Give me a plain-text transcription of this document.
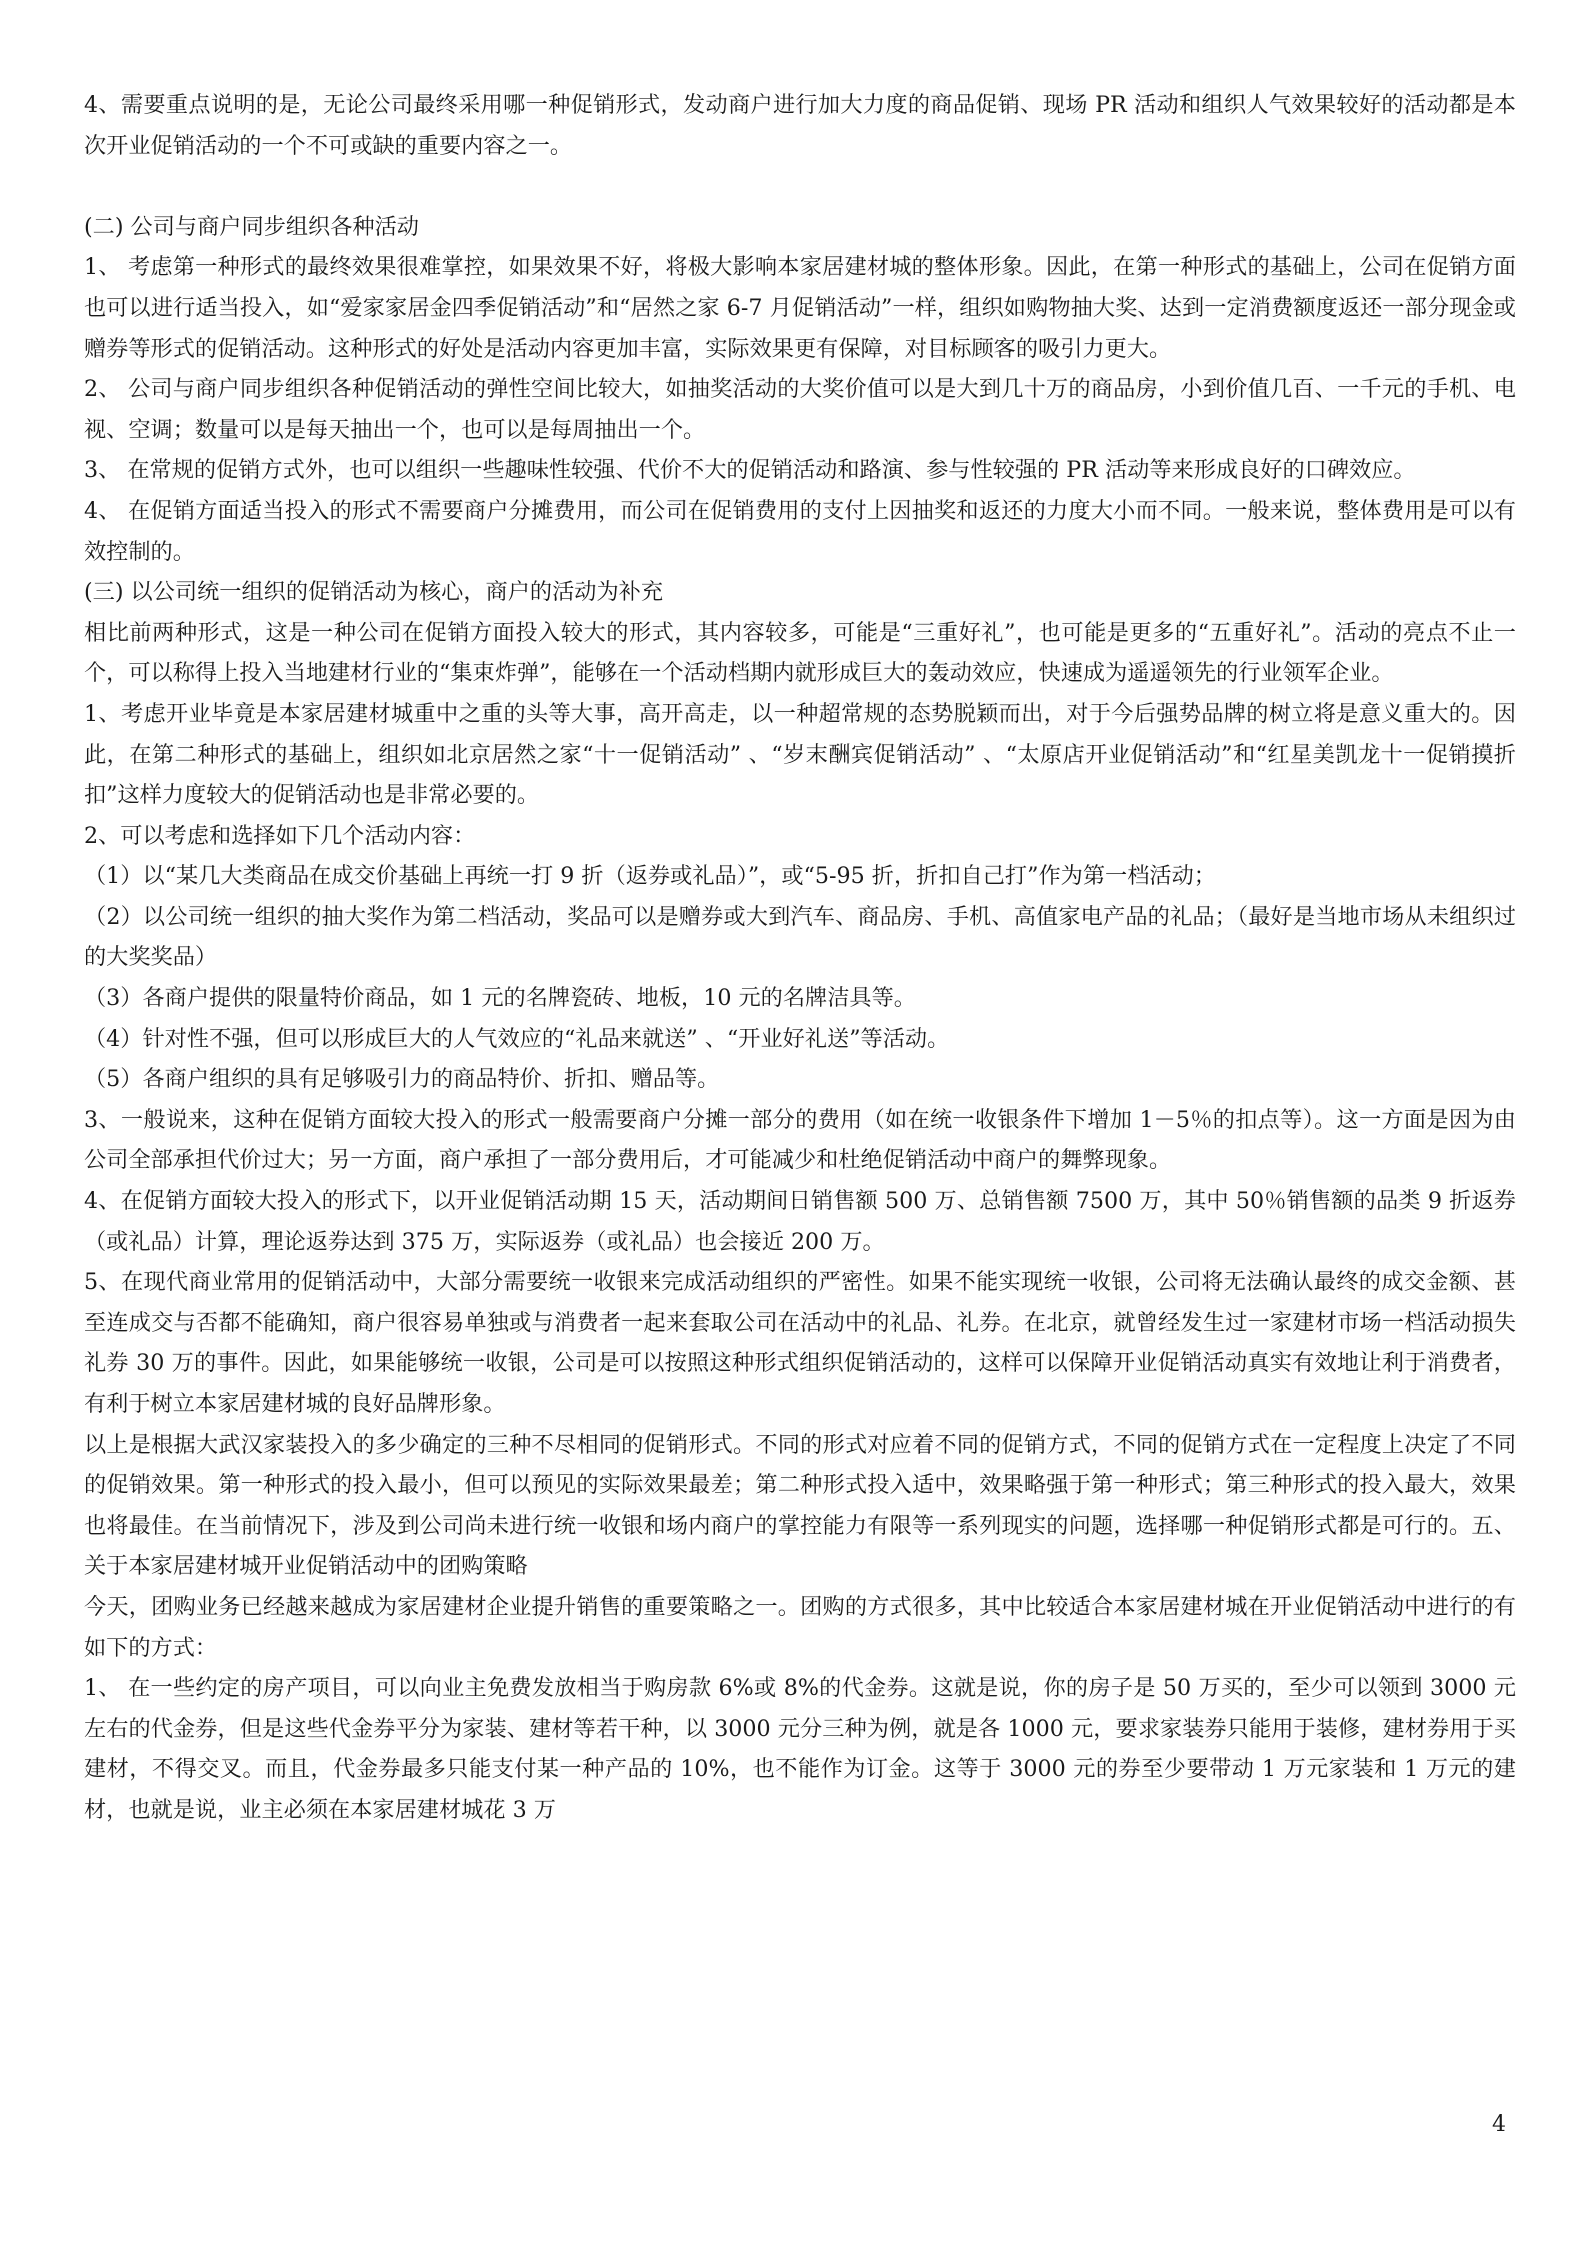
4、需要重点说明的是，无论公司最终采用哪一种促销形式，发动商户进行加大力度的商品促销、现场 PR 活动和组织人气效果较好的活动都是本次开业促销活动的一个不可或缺的重要内容之一。

(二) 公司与商户同步组织各种活动

1、 考虑第一种形式的最终效果很难掌控，如果效果不好，将极大影响本家居建材城的整体形象。因此，在第一种形式的基础上，公司在促销方面也可以进行适当投入，如“爱家家居金四季促销活动”和“居然之家 6-7 月促销活动”一样，组织如购物抽大奖、达到一定消费额度返还一部分现金或赠券等形式的促销活动。这种形式的好处是活动内容更加丰富，实际效果更有保障，对目标顾客的吸引力更大。

2、 公司与商户同步组织各种促销活动的弹性空间比较大，如抽奖活动的大奖价值可以是大到几十万的商品房，小到价值几百、一千元的手机、电视、空调；数量可以是每天抽出一个，也可以是每周抽出一个。

3、 在常规的促销方式外，也可以组织一些趣味性较强、代价不大的促销活动和路演、参与性较强的 PR 活动等来形成良好的口碑效应。

4、 在促销方面适当投入的形式不需要商户分摊费用，而公司在促销费用的支付上因抽奖和返还的力度大小而不同。一般来说，整体费用是可以有效控制的。

(三) 以公司统一组织的促销活动为核心，商户的活动为补充

相比前两种形式，这是一种公司在促销方面投入较大的形式，其内容较多，可能是“三重好礼”，也可能是更多的“五重好礼”。活动的亮点不止一个，可以称得上投入当地建材行业的“集束炸弹”，能够在一个活动档期内就形成巨大的轰动效应，快速成为遥遥领先的行业领军企业。

1、考虑开业毕竟是本家居建材城重中之重的头等大事，高开高走，以一种超常规的态势脱颖而出，对于今后强势品牌的树立将是意义重大的。因此，在第二种形式的基础上，组织如北京居然之家“十一促销活动” 、“岁末酬宾促销活动” 、“太原店开业促销活动”和“红星美凯龙十一促销摸折扣”这样力度较大的促销活动也是非常必要的。

2、可以考虑和选择如下几个活动内容：

（1）以“某几大类商品在成交价基础上再统一打 9 折（返券或礼品）”，或“5-95 折，折扣自己打”作为第一档活动；

（2）以公司统一组织的抽大奖作为第二档活动，奖品可以是赠券或大到汽车、商品房、手机、高值家电产品的礼品；（最好是当地市场从未组织过的大奖奖品）

（3）各商户提供的限量特价商品，如 1 元的名牌瓷砖、地板，10 元的名牌洁具等。

（4）针对性不强，但可以形成巨大的人气效应的“礼品来就送” 、“开业好礼送”等活动。

（5）各商户组织的具有足够吸引力的商品特价、折扣、赠品等。

3、一般说来，这种在促销方面较大投入的形式一般需要商户分摊一部分的费用（如在统一收银条件下增加 1－5％的扣点等）。这一方面是因为由公司全部承担代价过大；另一方面，商户承担了一部分费用后，才可能减少和杜绝促销活动中商户的舞弊现象。

4、在促销方面较大投入的形式下，以开业促销活动期 15 天，活动期间日销售额 500 万、总销售额 7500 万，其中 50％销售额的品类 9 折返券（或礼品）计算，理论返券达到 375 万，实际返券（或礼品）也会接近 200 万。

5、在现代商业常用的促销活动中，大部分需要统一收银来完成活动组织的严密性。如果不能实现统一收银，公司将无法确认最终的成交金额、甚至连成交与否都不能确知，商户很容易单独或与消费者一起来套取公司在活动中的礼品、礼券。在北京，就曾经发生过一家建材市场一档活动损失礼券 30 万的事件。因此，如果能够统一收银，公司是可以按照这种形式组织促销活动的，这样可以保障开业促销活动真实有效地让利于消费者，有利于树立本家居建材城的良好品牌形象。

以上是根据大武汉家装投入的多少确定的三种不尽相同的促销形式。不同的形式对应着不同的促销方式，不同的促销方式在一定程度上决定了不同的促销效果。第一种形式的投入最小，但可以预见的实际效果最差；第二种形式投入适中，效果略强于第一种形式；第三种形式的投入最大，效果也将最佳。在当前情况下，涉及到公司尚未进行统一收银和场内商户的掌控能力有限等一系列现实的问题，选择哪一种促销形式都是可行的。五、关于本家居建材城开业促销活动中的团购策略

今天，团购业务已经越来越成为家居建材企业提升销售的重要策略之一。团购的方式很多，其中比较适合本家居建材城在开业促销活动中进行的有如下的方式：

1、 在一些约定的房产项目，可以向业主免费发放相当于购房款 6%或 8%的代金券。这就是说，你的房子是 50 万买的，至少可以领到 3000 元左右的代金券，但是这些代金券平分为家装、建材等若干种，以 3000 元分三种为例，就是各 1000 元，要求家装券只能用于装修，建材券用于买建材，不得交叉。而且，代金券最多只能支付某一种产品的 10%，也不能作为订金。这等于 3000 元的券至少要带动 1 万元家装和 1 万元的建材，也就是说，业主必须在本家居建材城花 3 万

4
